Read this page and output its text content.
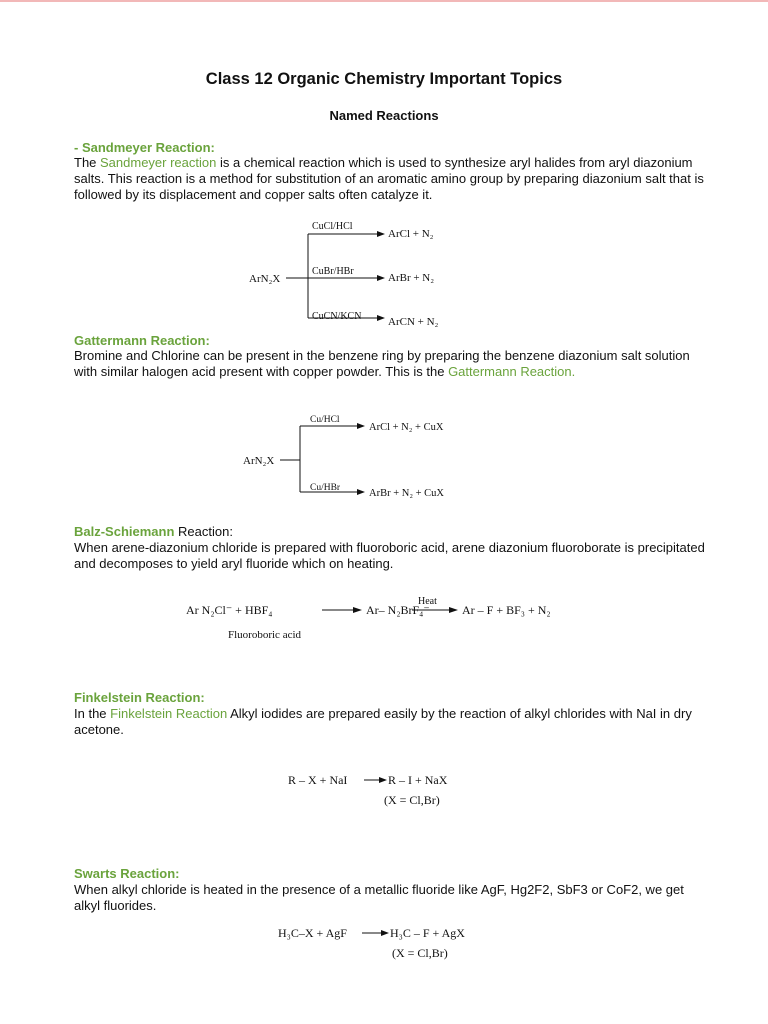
Class 12 Organic Chemistry Important Topics
Named Reactions
- Sandmeyer Reaction:
The Sandmeyer reaction is a chemical reaction which is used to synthesize aryl halides from aryl diazonium salts. This reaction is a method for substitution of an aromatic amino group by preparing diazonium salt that is followed by its displacement and copper salts often catalyze it.
ArN₂X
CuCl/HCl
CuBr/HBr
CuCN/KCN
ArCl + N₂
ArBr + N₂
ArCN + N₂
Gattermann Reaction:
Bromine and Chlorine can be present in the benzene ring by preparing the benzene diazonium salt solution with similar halogen acid present with copper powder. This is the Gattermann Reaction.
ArN₂X
Cu/HCl
Cu/HBr
ArCl + N₂ + CuX
ArBr + N₂ + CuX
Balz-Schiemann Reaction:
When arene-diazonium chloride is prepared with fluoroboric acid, arene diazonium fluoroborate is precipitated and decomposes to yield aryl fluoride which on heating.
Ar N₂Cl⁻ + HBF₄	Ar– N₂BrF₄⁻
Heat
Ar – F + BF₃ + N₂
Fluoroboric acid
Finkelstein Reaction:
In the Finkelstein Reaction Alkyl iodides are prepared easily by the reaction of alkyl chlorides with NaI in dry acetone.
R – X + NaI	R – I + NaX
(X = Cl,Br)
Swarts Reaction:
When alkyl chloride is heated in the presence of a metallic fluoride like AgF, Hg2F2, SbF3 or CoF2, we get alkyl fluorides.
H₃C–X + AgF	H₃C – F + AgX
(X = Cl,Br)
